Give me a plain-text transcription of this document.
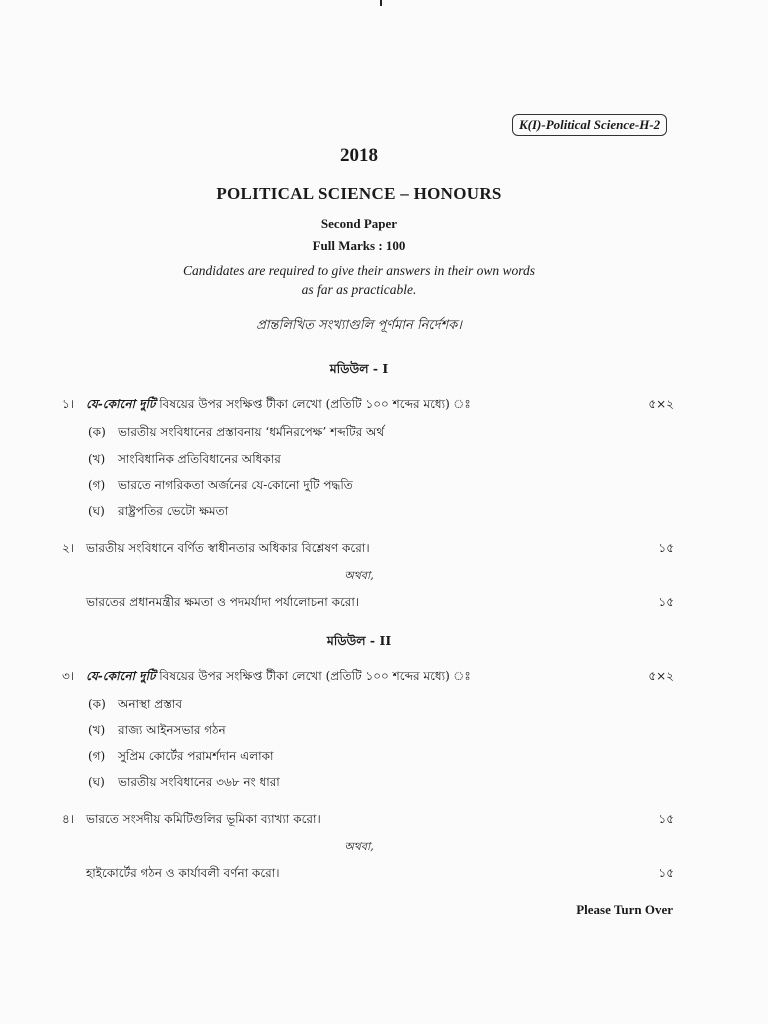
K(I)-Political Science-H-2
2018
POLITICAL SCIENCE – HONOURS
Second Paper
Full Marks : 100
Candidates are required to give their answers in their own words
as far as practicable.
প্রান্তলিখিত সংখ্যাগুলি পূর্ণমান নির্দেশক।
মডিউল - I
১। যে-কোনো দুটি বিষয়ের উপর সংক্ষিপ্ত টীকা লেখো (প্রতিটি ১০০ শব্দের মধ্যে) ঃ	৫×২
(ক) ভারতীয় সংবিধানের প্রস্তাবনায় ‘ধর্মনিরপেক্ষ’ শব্দটির অর্থ
(খ) সাংবিধানিক প্রতিবিধানের অধিকার
(গ) ভারতে নাগরিকতা অর্জনের যে-কোনো দুটি পদ্ধতি
(ঘ) রাষ্ট্রপতির ভেটো ক্ষমতা
২। ভারতীয় সংবিধানে বর্ণিত স্বাধীনতার অধিকার বিশ্লেষণ করো।	১৫
অথবা,
ভারতের প্রধানমন্ত্রীর ক্ষমতা ও পদমর্যাদা পর্যালোচনা করো।	১৫
মডিউল - II
৩। যে-কোনো দুটি বিষয়ের উপর সংক্ষিপ্ত টীকা লেখো (প্রতিটি ১০০ শব্দের মধ্যে) ঃ	৫×২
(ক) অনাস্থা প্রস্তাব
(খ) রাজ্য আইনসভার গঠন
(গ) সুপ্রিম কোর্টের পরামর্শদান এলাকা
(ঘ) ভারতীয় সংবিধানের ৩৬৮ নং ধারা
৪। ভারতে সংসদীয় কমিটিগুলির ভূমিকা ব্যাখ্যা করো।	১৫
অথবা,
হাইকোর্টের গঠন ও কার্যাবলী বর্ণনা করো।	১৫
Please Turn Over
